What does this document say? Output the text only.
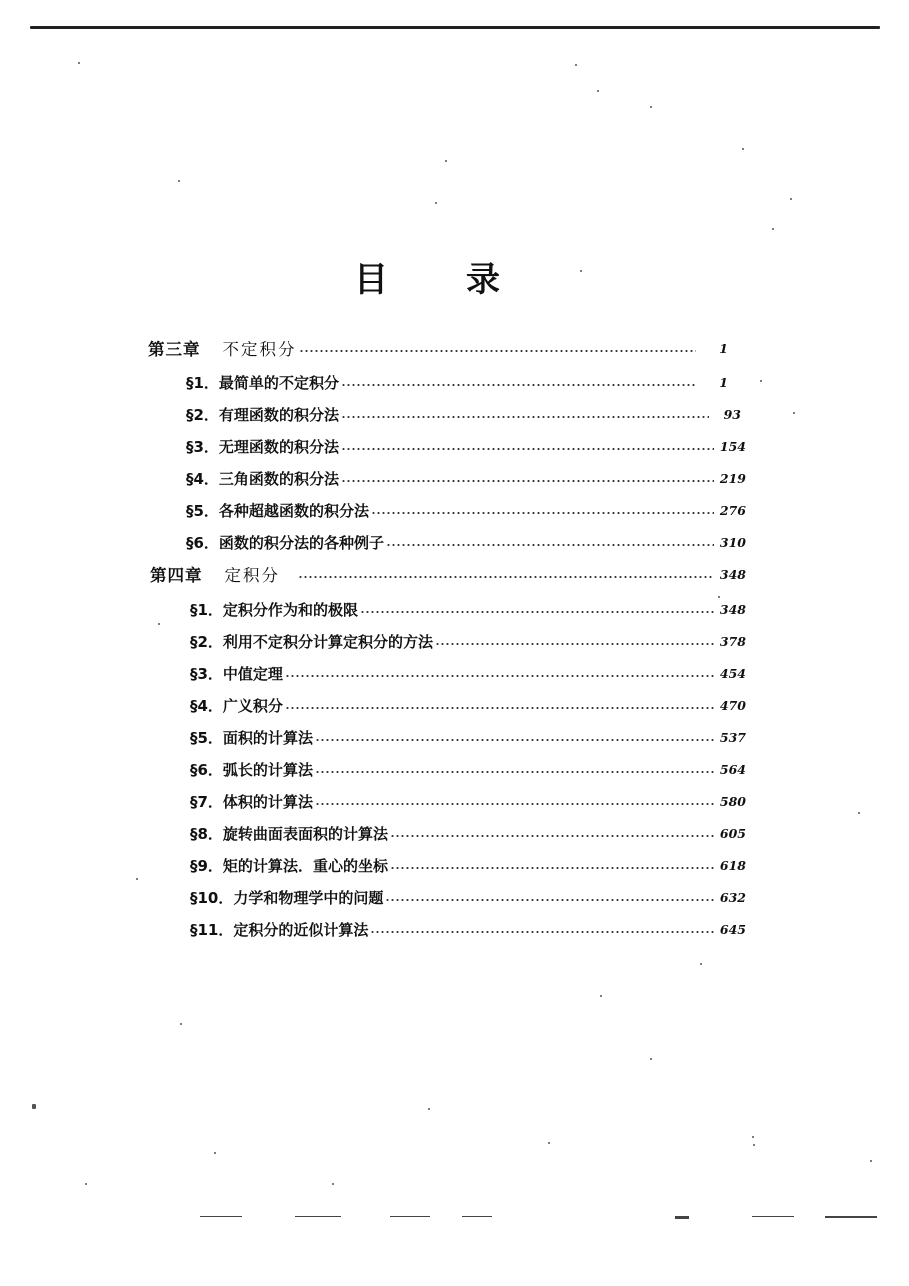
目 录
第三章 不定积分	1
§1．最简单的不定积分	1
§2．有理函数的积分法	93
§3．无理函数的积分法	154
§4．三角函数的积分法	219
§5．各种超越函数的积分法	276
§6．函数的积分法的各种例子	310
第四章 定积分	348
§1．定积分作为和的极限	348
§2．利用不定积分计算定积分的方法	378
§3．中值定理	454
§4．广义积分	470
§5．面积的计算法	537
§6．弧长的计算法	564
§7．体积的计算法	580
§8．旋转曲面表面积的计算法	605
§9．矩的计算法．重心的坐标	618
§10．力学和物理学中的问题	632
§11．定积分的近似计算法	645
